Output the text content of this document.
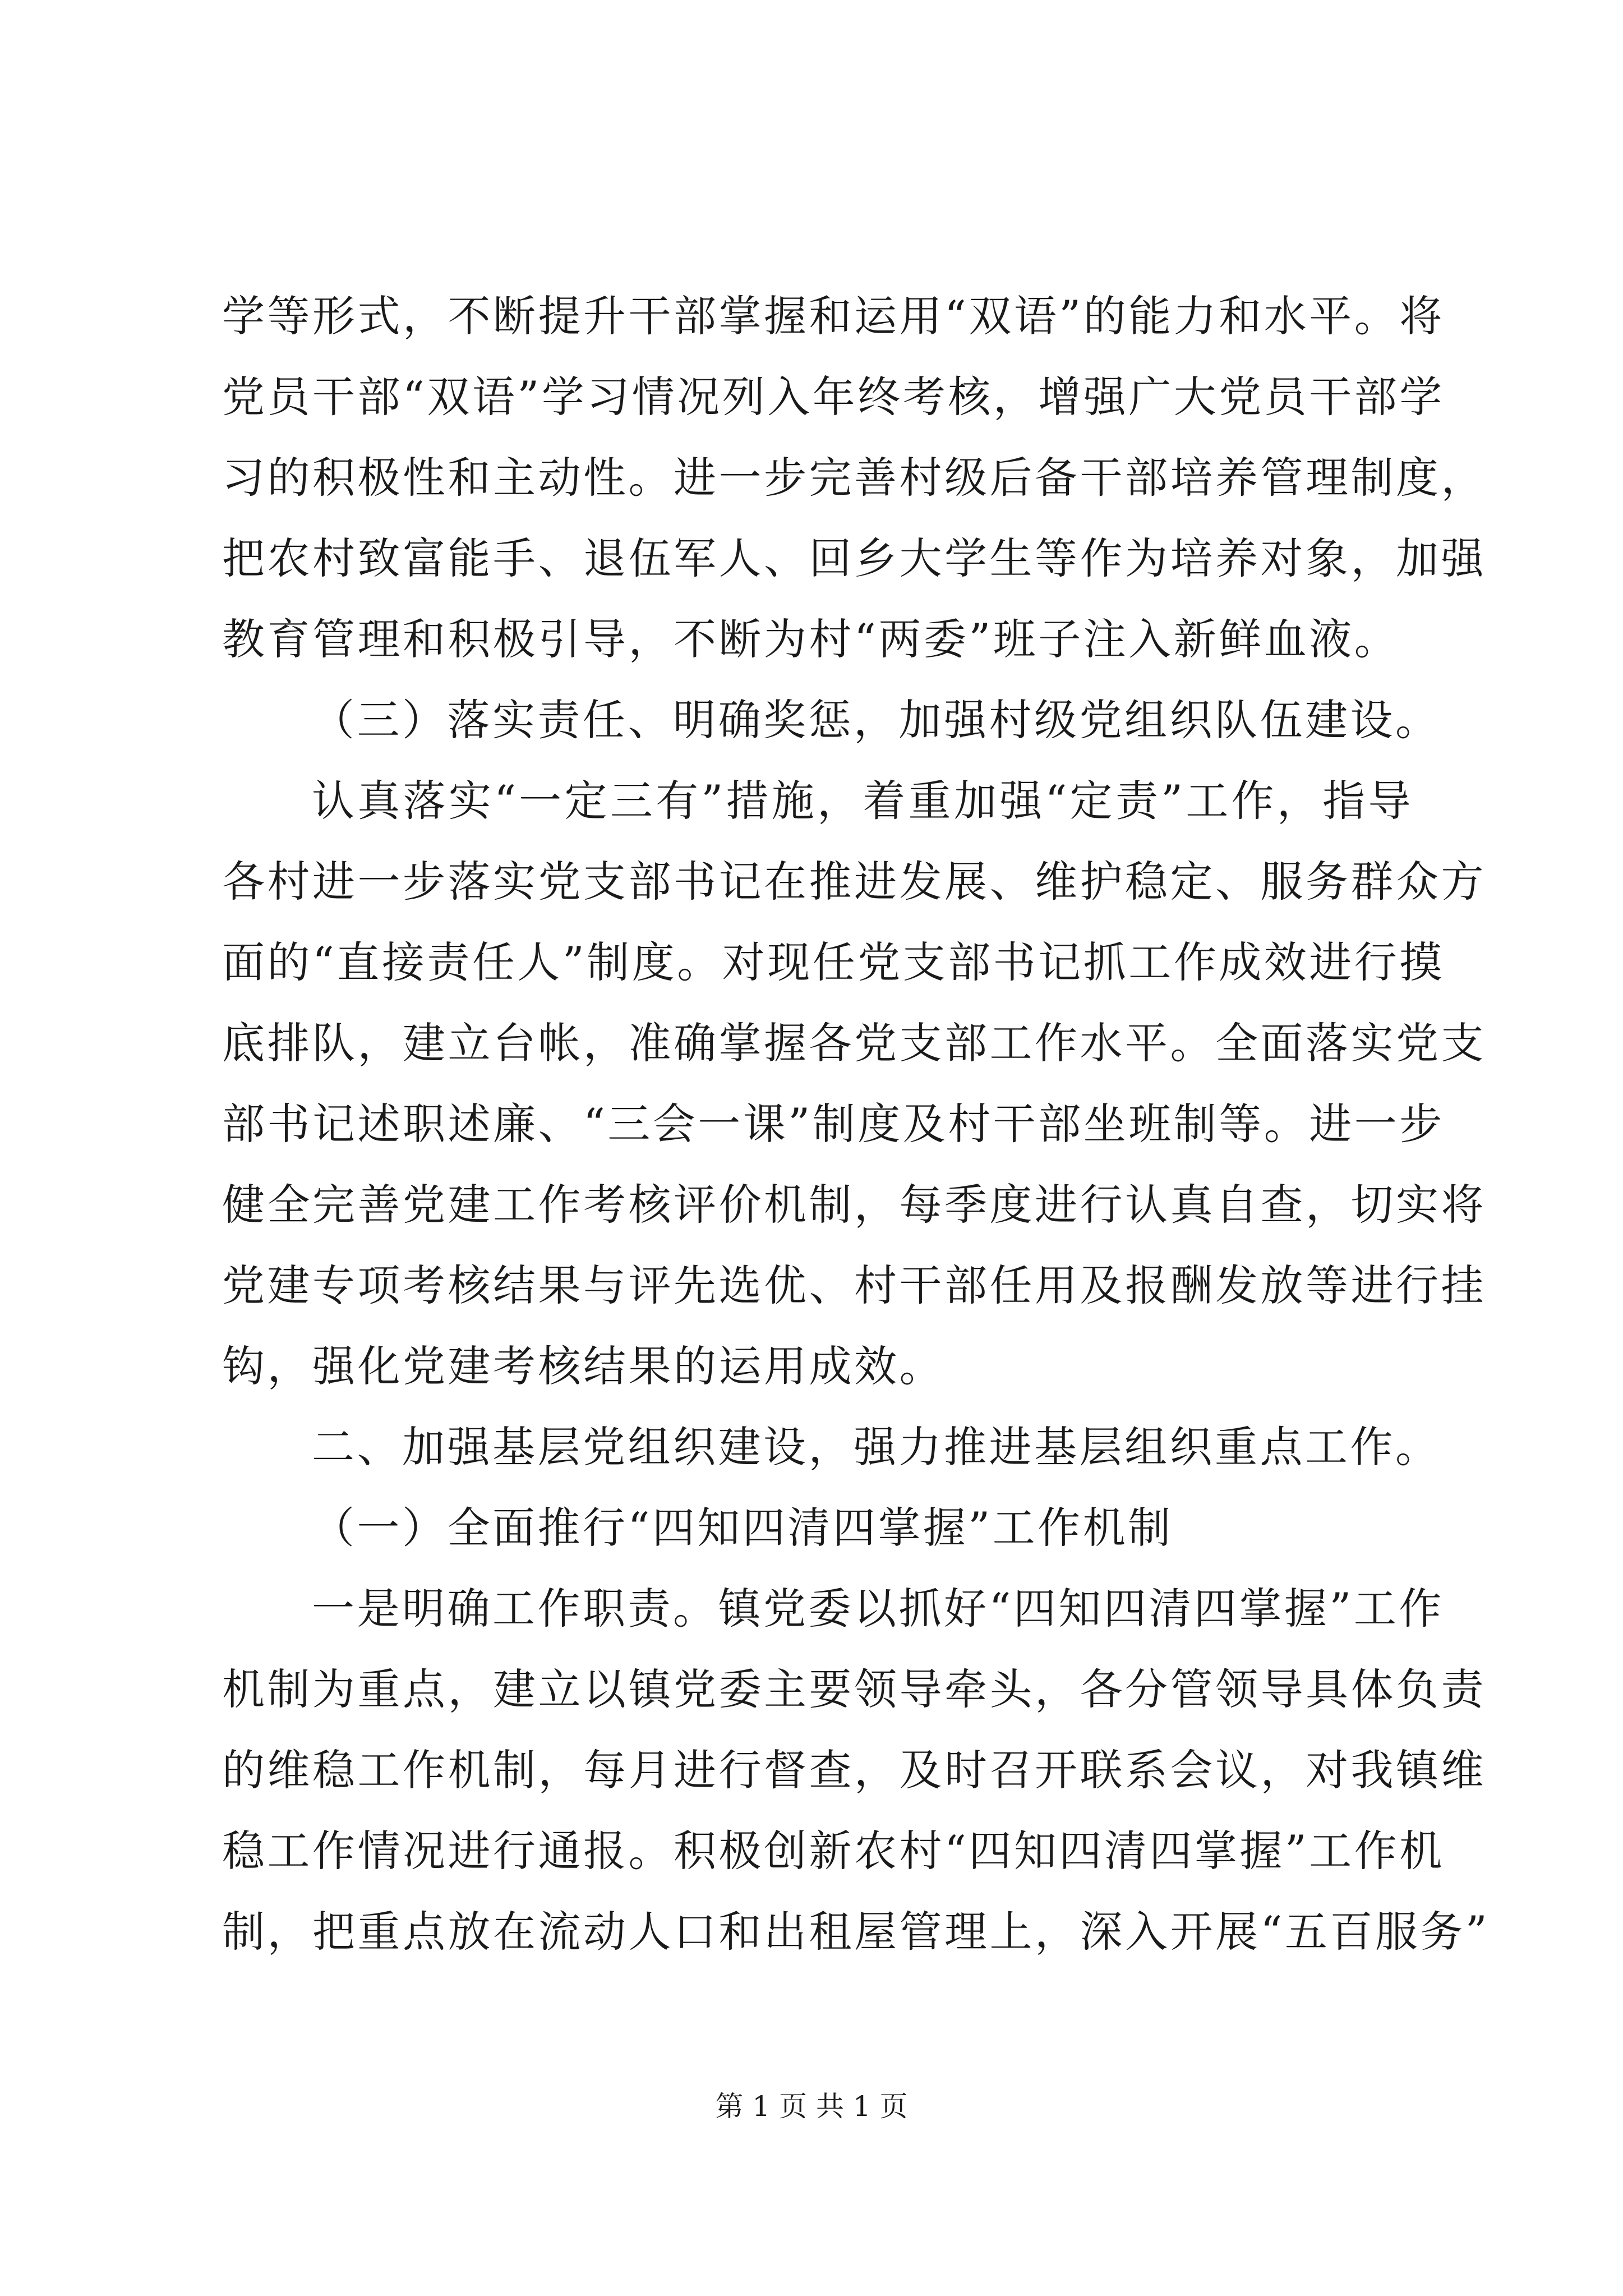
学等形式，不断提升干部掌握和运用“双语”的能力和水平。将
党员干部“双语”学习情况列入年终考核，增强广大党员干部学
习的积极性和主动性。进一步完善村级后备干部培养管理制度，
把农村致富能手、退伍军人、回乡大学生等作为培养对象，加强
教育管理和积极引导，不断为村“两委”班子注入新鲜血液。
（三）落实责任、明确奖惩，加强村级党组织队伍建设。
认真落实“一定三有”措施，着重加强“定责”工作，指导
各村进一步落实党支部书记在推进发展、维护稳定、服务群众方
面的“直接责任人”制度。对现任党支部书记抓工作成效进行摸
底排队，建立台帐，准确掌握各党支部工作水平。全面落实党支
部书记述职述廉、“三会一课”制度及村干部坐班制等。进一步
健全完善党建工作考核评价机制，每季度进行认真自查，切实将
党建专项考核结果与评先选优、村干部任用及报酬发放等进行挂
钩，强化党建考核结果的运用成效。
二、加强基层党组织建设，强力推进基层组织重点工作。
（一）全面推行“四知四清四掌握”工作机制
一是明确工作职责。镇党委以抓好“四知四清四掌握”工作
机制为重点，建立以镇党委主要领导牵头，各分管领导具体负责
的维稳工作机制，每月进行督查，及时召开联系会议，对我镇维
稳工作情况进行通报。积极创新农村“四知四清四掌握”工作机
制，把重点放在流动人口和出租屋管理上，深入开展“五百服务”
第 1 页 共 1 页
